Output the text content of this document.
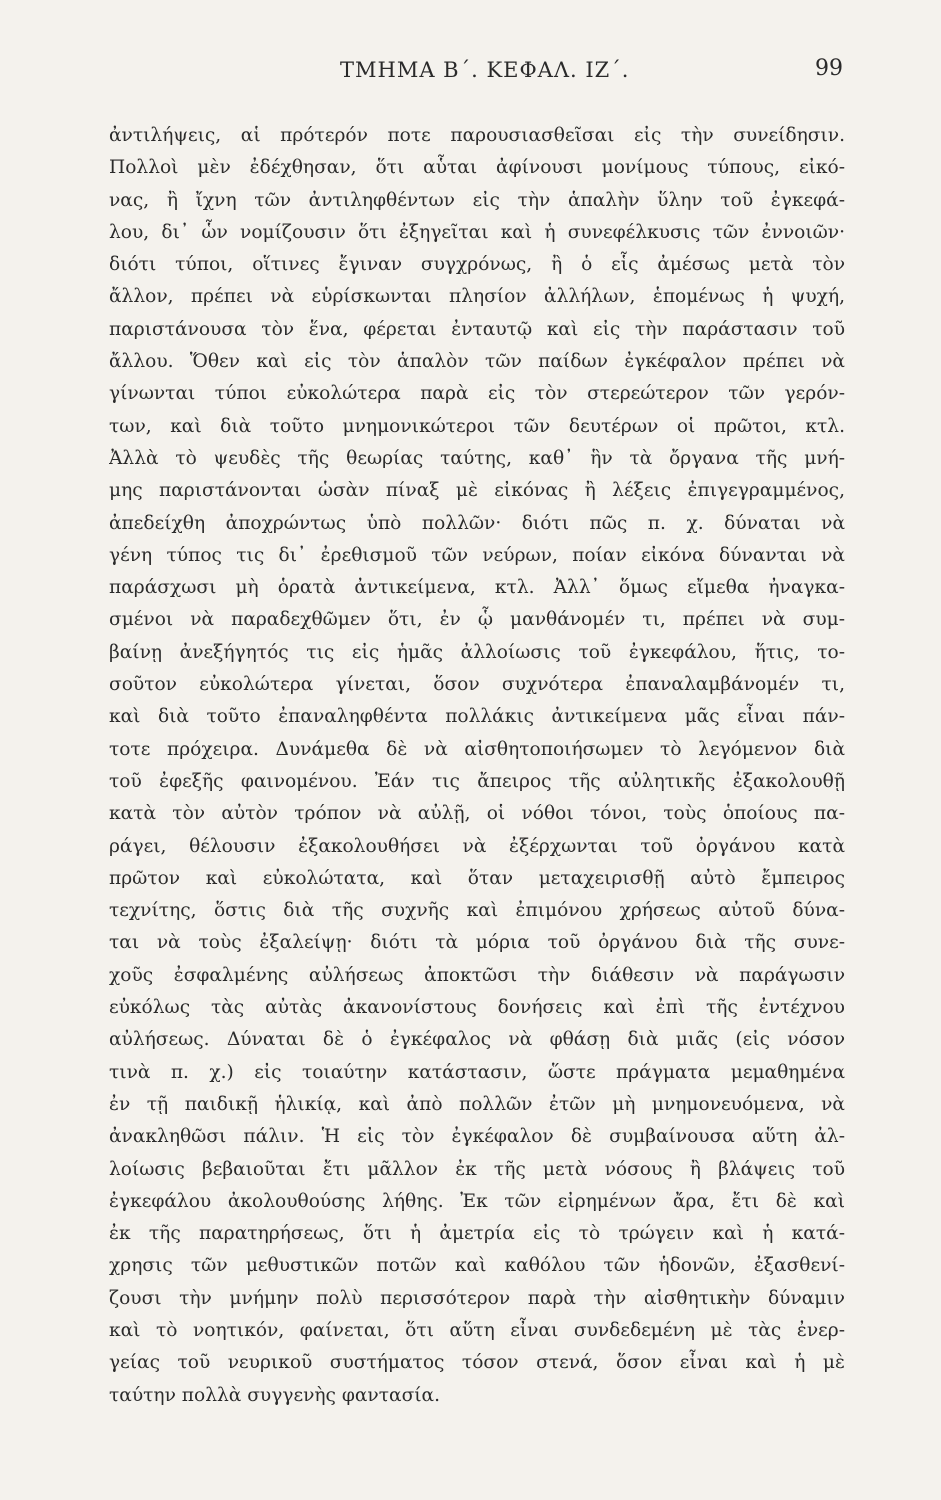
ΤΜΗΜΑ Β΄. ΚΕΦΑΛ. ΙΖ΄.	99
ἀντιλήψεις, αἱ πρότερόν ποτε παρουσιασθεῖσαι εἰς τὴν συνείδησιν.
Πολλοὶ μὲν ἐδέχθησαν, ὅτι αὗται ἀφίνουσι μονίμους τύπους, εἰκό-
νας, ἢ ἴχνη τῶν ἀντιληφθέντων εἰς τὴν ἁπαλὴν ὕλην τοῦ ἐγκεφά-
λου, δι᾽ ὧν νομίζουσιν ὅτι ἐξηγεῖται καὶ ἡ συνεφέλκυσις τῶν ἐννοιῶν·
διότι τύποι, οἵτινες ἔγιναν συγχρόνως, ἢ ὁ εἷς ἀμέσως μετὰ τὸν
ἄλλον, πρέπει νὰ εὑρίσκωνται πλησίον ἀλλήλων, ἑπομένως ἡ ψυχή,
παριστάνουσα τὸν ἕνα, φέρεται ἐνταυτῷ καὶ εἰς τὴν παράστασιν τοῦ
ἄλλου. Ὅθεν καὶ εἰς τὸν ἁπαλὸν τῶν παίδων ἐγκέφαλον πρέπει νὰ
γίνωνται τύποι εὐκολώτερα παρὰ εἰς τὸν στερεώτερον τῶν γερόν-
των, καὶ διὰ τοῦτο μνημονικώτεροι τῶν δευτέρων οἱ πρῶτοι, κτλ.
Ἀλλὰ τὸ ψευδὲς τῆς θεωρίας ταύτης, καθ᾽ ἣν τὰ ὄργανα τῆς μνή-
μης παριστάνονται ὡσὰν πίναξ μὲ εἰκόνας ἢ λέξεις ἐπιγεγραμμένος,
ἀπεδείχθη ἀποχρώντως ὑπὸ πολλῶν· διότι πῶς π. χ. δύναται νὰ
γένη τύπος τις δι᾽ ἐρεθισμοῦ τῶν νεύρων, ποίαν εἰκόνα δύνανται νὰ
παράσχωσι μὴ ὁρατὰ ἀντικείμενα, κτλ. Ἀλλ᾽ ὅμως εἴμεθα ἠναγκα-
σμένοι νὰ παραδεχθῶμεν ὅτι, ἐν ᾧ μανθάνομέν τι, πρέπει νὰ συμ-
βαίνῃ ἀνεξήγητός τις εἰς ἡμᾶς ἀλλοίωσις τοῦ ἐγκεφάλου, ἥτις, το-
σοῦτον εὐκολώτερα γίνεται, ὅσον συχνότερα ἐπαναλαμβάνομέν τι,
καὶ διὰ τοῦτο ἐπαναληφθέντα πολλάκις ἀντικείμενα μᾶς εἶναι πάν-
τοτε πρόχειρα. Δυνάμεθα δὲ νὰ αἰσθητοποιήσωμεν τὸ λεγόμενον διὰ
τοῦ ἐφεξῆς φαινομένου. Ἐάν τις ἄπειρος τῆς αὐλητικῆς ἐξακολουθῇ
κατὰ τὸν αὐτὸν τρόπον νὰ αὐλῇ, οἱ νόθοι τόνοι, τοὺς ὁποίους πα-
ράγει, θέλουσιν ἐξακολουθήσει νὰ ἐξέρχωνται τοῦ ὀργάνου κατὰ
πρῶτον καὶ εὐκολώτατα, καὶ ὅταν μεταχειρισθῇ αὐτὸ ἔμπειρος
τεχνίτης, ὅστις διὰ τῆς συχνῆς καὶ ἐπιμόνου χρήσεως αὐτοῦ δύνα-
ται νὰ τοὺς ἐξαλείψῃ· διότι τὰ μόρια τοῦ ὀργάνου διὰ τῆς συνε-
χοῦς ἐσφαλμένης αὐλήσεως ἀποκτῶσι τὴν διάθεσιν νὰ παράγωσιν
εὐκόλως τὰς αὐτὰς ἀκανονίστους δονήσεις καὶ ἐπὶ τῆς ἐντέχνου
αὐλήσεως. Δύναται δὲ ὁ ἐγκέφαλος νὰ φθάσῃ διὰ μιᾶς (εἰς νόσον
τινὰ π. χ.) εἰς τοιαύτην κατάστασιν, ὥστε πράγματα μεμαθημένα
ἐν τῇ παιδικῇ ἡλικίᾳ, καὶ ἀπὸ πολλῶν ἐτῶν μὴ μνημονευόμενα, νὰ
ἀνακληθῶσι πάλιν. Ἡ εἰς τὸν ἐγκέφαλον δὲ συμβαίνουσα αὕτη ἀλ-
λοίωσις βεβαιοῦται ἔτι μᾶλλον ἐκ τῆς μετὰ νόσους ἢ βλάψεις τοῦ
ἐγκεφάλου ἀκολουθούσης λήθης. Ἐκ τῶν εἰρημένων ἄρα, ἔτι δὲ καὶ
ἐκ τῆς παρατηρήσεως, ὅτι ἡ ἀμετρία εἰς τὸ τρώγειν καὶ ἡ κατά-
χρησις τῶν μεθυστικῶν ποτῶν καὶ καθόλου τῶν ἡδονῶν, ἐξασθενί-
ζουσι τὴν μνήμην πολὺ περισσότερον παρὰ τὴν αἰσθητικὴν δύναμιν
καὶ τὸ νοητικόν, φαίνεται, ὅτι αὕτη εἶναι συνδεδεμένη μὲ τὰς ἐνερ-
γείας τοῦ νευρικοῦ συστήματος τόσον στενά, ὅσον εἶναι καὶ ἡ μὲ
ταύτην πολλὰ συγγενὴς φαντασία.
